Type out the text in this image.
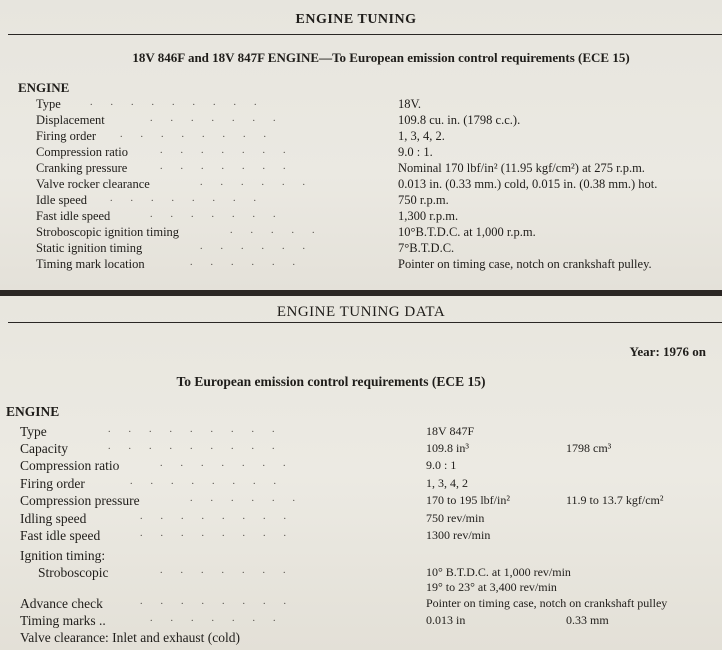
ENGINE TUNING
18V 846F and 18V 847F ENGINE—To European emission control requirements (ECE 15)
ENGINE
Type	.........	18V.
Displacement	.......	109.8 cu. in. (1798 c.c.).
Firing order ........	1, 3, 4, 2.
Compression ratio	.......	9.0 : 1.
Cranking pressure	.......	Nominal 170 lbf/in² (11.95 kgf/cm²) at 275 r.p.m.
Valve rocker clearance	......	0.013 in. (0.33 mm.) cold, 0.015 in. (0.38 mm.) hot.
Idle speed ........	750 r.p.m.
Fast idle speed	.......	1,300 r.p.m.
Stroboscopic ignition timing	.....	10°B.T.D.C. at 1,000 r.p.m.
Static ignition timing	......	7°B.T.D.C.
Timing mark location	......	Pointer on timing case, notch on crankshaft pulley.
ENGINE TUNING DATA
Year: 1976 on
To European emission control requirements (ECE 15)
ENGINE
Type	.........	18V 847F
Capacity	.........	109.8 in³	1798 cm³
Compression ratio	.......	9.0 : 1
Firing order	........	1, 3, 4, 2
Compression pressure	......	170 to 195 lbf/in²	11.9 to 13.7 kgf/cm²
Idling speed	........	750 rev/min
Fast idle speed	........	1300 rev/min
Ignition timing:
Stroboscopic	.......	10° B.T.D.C. at 1,000 rev/min
19° to 23° at 3,400 rev/min
Advance check	........	Pointer on timing case, notch on crankshaft pulley
Timing marks ..	.......	0.013 in	0.33 mm
Valve clearance: Inlet and exhaust (cold)
